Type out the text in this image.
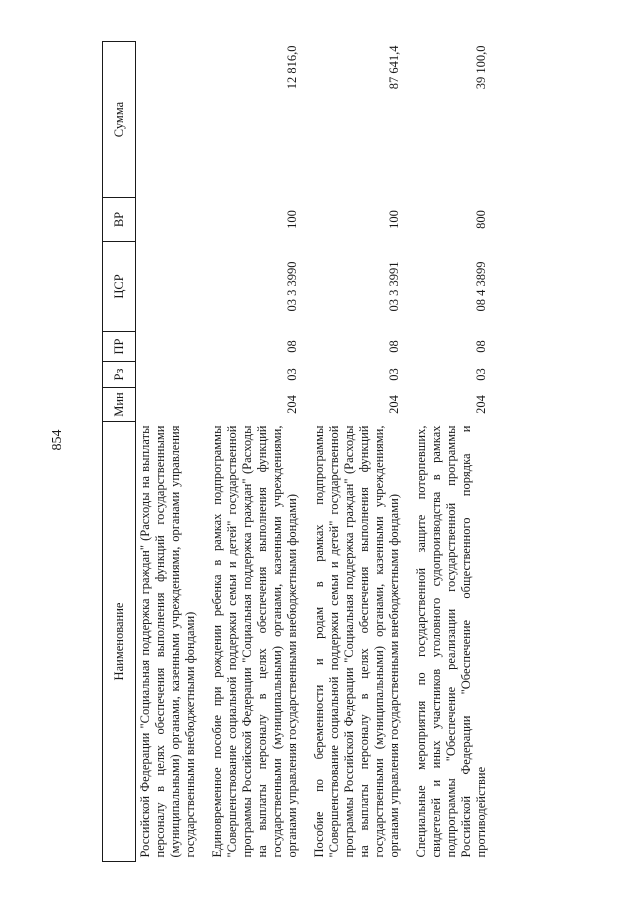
854
Наименование	Мин	Рз	ПР	ЦСР	ВР	Сумма
Российской Федерации "Социальная поддержка граждан" (Расходы на выплаты персоналу в целях обеспечения выполнения функций государственными (муниципальными) органами, казенными учреждениями, органами управления государственными внебюджетными фондами)						
Единовременное пособие при рождении ребенка в рамках подпрограммы "Совершенствование социальной поддержки семьи и детей" государственной программы Российской Федерации "Социальная поддержка граждан" (Расходы на выплаты персоналу в целях обеспечения выполнения функций государственными (муниципальными) органами, казенными учреждениями, органами управления государственными внебюджетными фондами)	204	03	08	03 3 3990	100	12 816,0
Пособие по беременности и родам в рамках подпрограммы "Совершенствование социальной поддержки семьи и детей" государственной программы Российской Федерации "Социальная поддержка граждан" (Расходы на выплаты персоналу в целях обеспечения выполнения функций государственными (муниципальными) органами, казенными учреждениями, органами управления государственными внебюджетными фондами)	204	03	08	03 3 3991	100	87 641,4
Специальные мероприятия по государственной защите потерпевших, свидетелей и иных участников уголовного судопроизводства в рамках подпрограммы "Обеспечение реализации государственной программы Российской Федерации "Обеспечение общественного порядка и противодействие	204	03	08	08 4 3899	800	39 100,0
